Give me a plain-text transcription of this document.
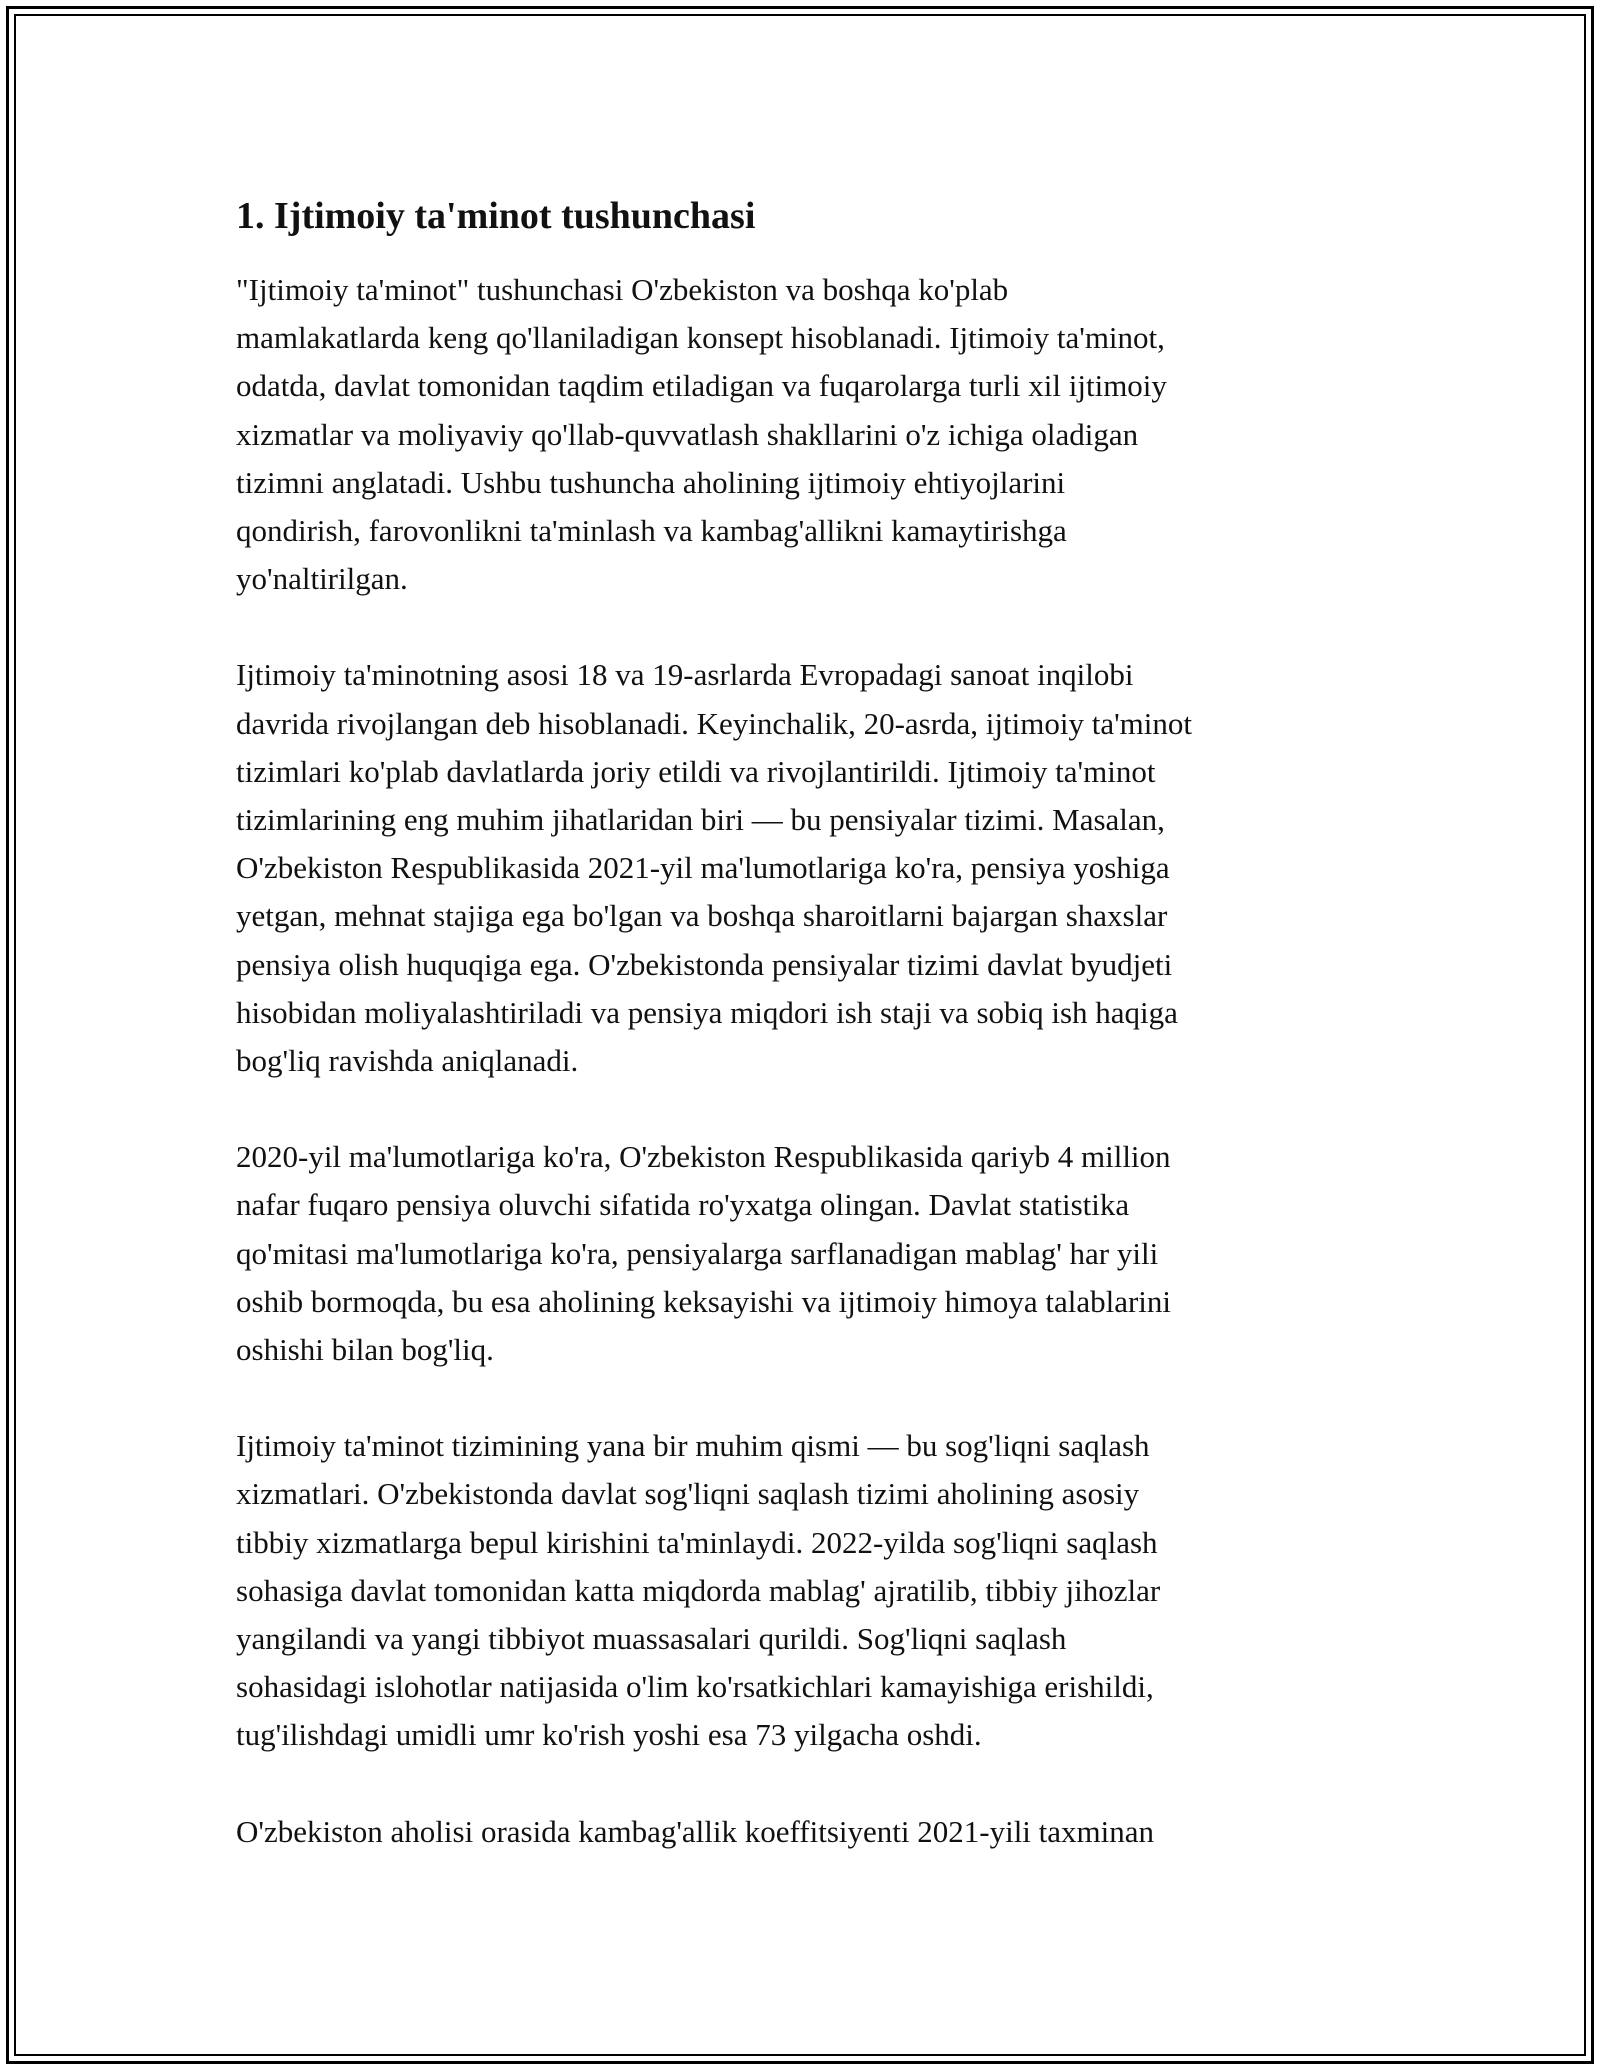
1. Ijtimoiy ta'minot tushunchasi
"Ijtimoiy ta'minot" tushunchasi O'zbekiston va boshqa ko'plab
mamlakatlarda keng qo'llaniladigan konsept hisoblanadi. Ijtimoiy ta'minot,
odatda, davlat tomonidan taqdim etiladigan va fuqarolarga turli xil ijtimoiy
xizmatlar va moliyaviy qo'llab-quvvatlash shakllarini o'z ichiga oladigan
tizimni anglatadi. Ushbu tushuncha aholining ijtimoiy ehtiyojlarini
qondirish, farovonlikni ta'minlash va kambag'allikni kamaytirishga
yo'naltirilgan.
Ijtimoiy ta'minotning asosi 18 va 19-asrlarda Evropadagi sanoat inqilobi
davrida rivojlangan deb hisoblanadi. Keyinchalik, 20-asrda, ijtimoiy ta'minot
tizimlari ko'plab davlatlarda joriy etildi va rivojlantirildi. Ijtimoiy ta'minot
tizimlarining eng muhim jihatlaridan biri — bu pensiyalar tizimi. Masalan,
O'zbekiston Respublikasida 2021-yil ma'lumotlariga ko'ra, pensiya yoshiga
yetgan, mehnat stajiga ega bo'lgan va boshqa sharoitlarni bajargan shaxslar
pensiya olish huquqiga ega. O'zbekistonda pensiyalar tizimi davlat byudjeti
hisobidan moliyalashtiriladi va pensiya miqdori ish staji va sobiq ish haqiga
bog'liq ravishda aniqlanadi.
2020-yil ma'lumotlariga ko'ra, O'zbekiston Respublikasida qariyb 4 million
nafar fuqaro pensiya oluvchi sifatida ro'yxatga olingan. Davlat statistika
qo'mitasi ma'lumotlariga ko'ra, pensiyalarga sarflanadigan mablag' har yili
oshib bormoqda, bu esa aholining keksayishi va ijtimoiy himoya talablarini
oshishi bilan bog'liq.
Ijtimoiy ta'minot tizimining yana bir muhim qismi — bu sog'liqni saqlash
xizmatlari. O'zbekistonda davlat sog'liqni saqlash tizimi aholining asosiy
tibbiy xizmatlarga bepul kirishini ta'minlaydi. 2022-yilda sog'liqni saqlash
sohasiga davlat tomonidan katta miqdorda mablag' ajratilib, tibbiy jihozlar
yangilandi va yangi tibbiyot muassasalari qurildi. Sog'liqni saqlash
sohasidagi islohotlar natijasida o'lim ko'rsatkichlari kamayishiga erishildi,
tug'ilishdagi umidli umr ko'rish yoshi esa 73 yilgacha oshdi.
O'zbekiston aholisi orasida kambag'allik koeffitsiyenti 2021-yili taxminan
